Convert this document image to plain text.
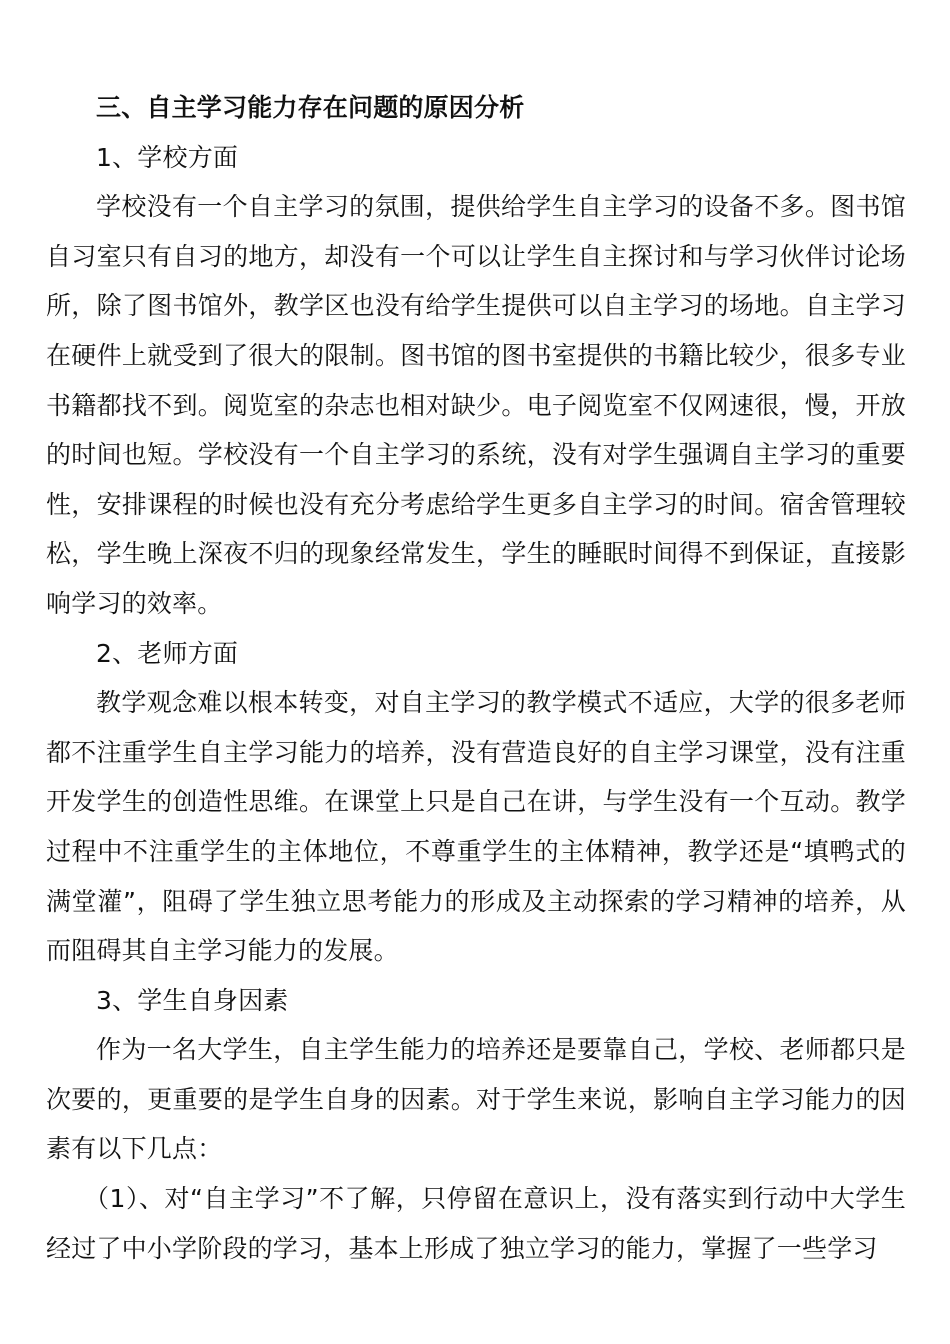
三、自主学习能力存在问题的原因分析

1、学校方面

学校没有一个自主学习的氛围，提供给学生自主学习的设备不多。图书馆自习室只有自习的地方，却没有一个可以让学生自主探讨和与学习伙伴讨论场所，除了图书馆外，教学区也没有给学生提供可以自主学习的场地。自主学习在硬件上就受到了很大的限制。图书馆的图书室提供的书籍比较少，很多专业书籍都找不到。阅览室的杂志也相对缺少。电子阅览室不仅网速很，慢，开放的时间也短。学校没有一个自主学习的系统，没有对学生强调自主学习的重要性，安排课程的时候也没有充分考虑给学生更多自主学习的时间。宿舍管理较松，学生晚上深夜不归的现象经常发生，学生的睡眠时间得不到保证，直接影响学习的效率。

2、老师方面

教学观念难以根本转变，对自主学习的教学模式不适应，大学的很多老师都不注重学生自主学习能力的培养，没有营造良好的自主学习课堂，没有注重开发学生的创造性思维。在课堂上只是自己在讲，与学生没有一个互动。教学过程中不注重学生的主体地位，不尊重学生的主体精神，教学还是“填鸭式的满堂灌”，阻碍了学生独立思考能力的形成及主动探索的学习精神的培养，从而阻碍其自主学习能力的发展。

3、学生自身因素

作为一名大学生，自主学生能力的培养还是要靠自己，学校、老师都只是次要的，更重要的是学生自身的因素。对于学生来说，影响自主学习能力的因素有以下几点：

（1）、对“自主学习”不了解，只停留在意识上，没有落实到行动中大学生经过了中小学阶段的学习，基本上形成了独立学习的能力，掌握了一些学习
